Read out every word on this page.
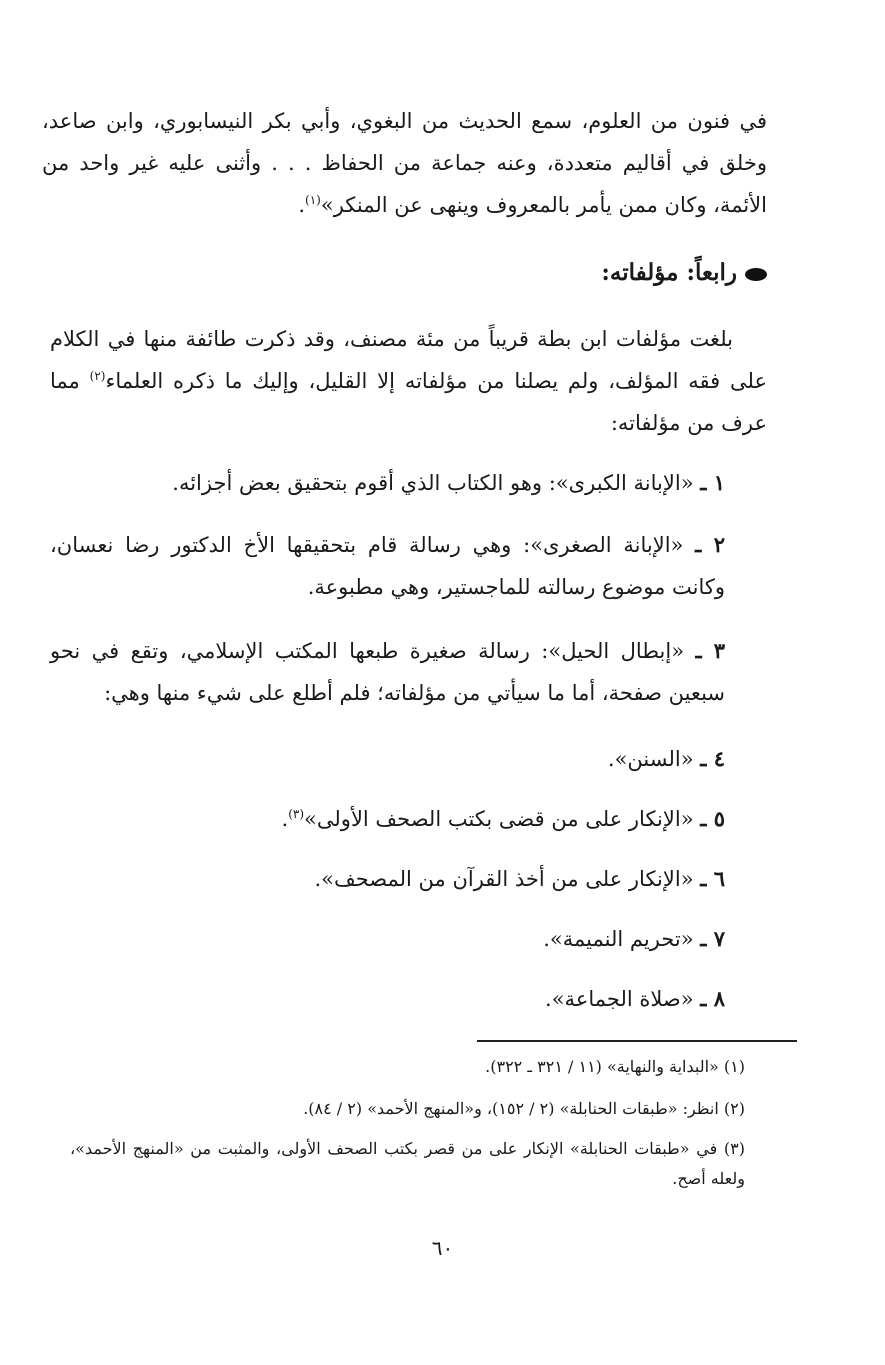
في فنون من العلوم، سمع الحديث من البغوي، وأبي بكر النيسابوري، وابن صاعد، وخلق في أقاليم متعددة، وعنه جماعة من الحفاظ . . . وأثنى عليه غير واحد من الأئمة، وكان ممن يأمر بالمعروف وينهى عن المنكر»$^{(١)}$.

رابعاً: مؤلفاته:

بلغت مؤلفات ابن بطة قريباً من مئة مصنف، وقد ذكرت طائفة منها في الكلام على فقه المؤلف، ولم يصلنا من مؤلفاته إلا القليل، وإليك ما ذكره العلماء$^{(٢)}$ مما عرف من مؤلفاته:

١ ـ «الإبانة الكبرى»: وهو الكتاب الذي أقوم بتحقيق بعض أجزائه.
٢ ـ «الإبانة الصغرى»: وهي رسالة قام بتحقيقها الأخ الدكتور رضا نعسان، وكانت موضوع رسالته للماجستير، وهي مطبوعة.
٣ ـ «إبطال الحيل»: رسالة صغيرة طبعها المكتب الإسلامي، وتقع في نحو سبعين صفحة، أما ما سيأتي من مؤلفاته؛ فلم أطلع على شيء منها وهي:
٤ ـ «السنن».
٥ ـ «الإنكار على من قضى بكتب الصحف الأولى»$^{(٣)}$.
٦ ـ «الإنكار على من أخذ القرآن من المصحف».
٧ ـ «تحريم النميمة».
٨ ـ «صلاة الجماعة».
(١) «البداية والنهاية» (١١ / ٣٢١ ـ ٣٢٢).
(٢) انظر: «طبقات الحنابلة» (٢ / ١٥٢)، و«المنهج الأحمد» (٢ / ٨٤).
(٣) في «طبقات الحنابلة» الإنكار على من قصر بكتب الصحف الأولى، والمثبت من «المنهج الأحمد»، ولعله أصح.
٦٠
